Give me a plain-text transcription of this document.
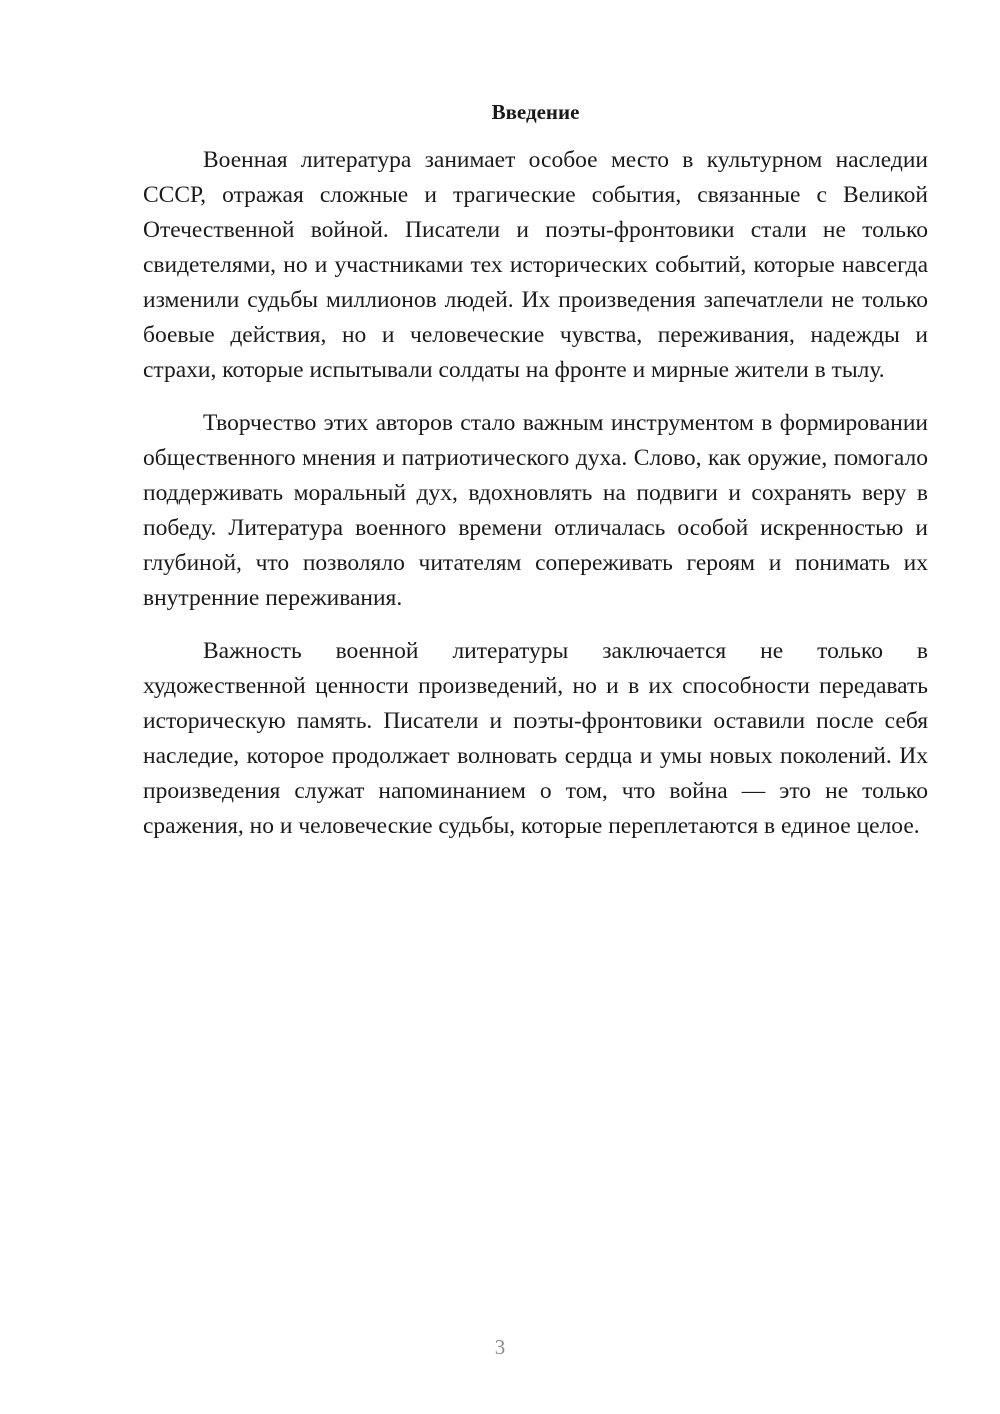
Введение

Военная литература занимает особое место в культурном наследии СССР, отражая сложные и трагические события, связанные с Великой Отечественной войной. Писатели и поэты-фронтовики стали не только свидетелями, но и участниками тех исторических событий, которые навсегда изменили судьбы миллионов людей. Их произведения запечатлели не только боевые действия, но и человеческие чувства, переживания, надежды и страхи, которые испытывали солдаты на фронте и мирные жители в тылу.

Творчество этих авторов стало важным инструментом в формировании общественного мнения и патриотического духа. Слово, как оружие, помогало поддерживать моральный дух, вдохновлять на подвиги и сохранять веру в победу. Литература военного времени отличалась особой искренностью и глубиной, что позволяло читателям сопереживать героям и понимать их внутренние переживания.

Важность военной литературы заключается не только в художественной ценности произведений, но и в их способности передавать историческую память. Писатели и поэты-фронтовики оставили после себя наследие, которое продолжает волновать сердца и умы новых поколений. Их произведения служат напоминанием о том, что война — это не только сражения, но и человеческие судьбы, которые переплетаются в единое целое.

3
